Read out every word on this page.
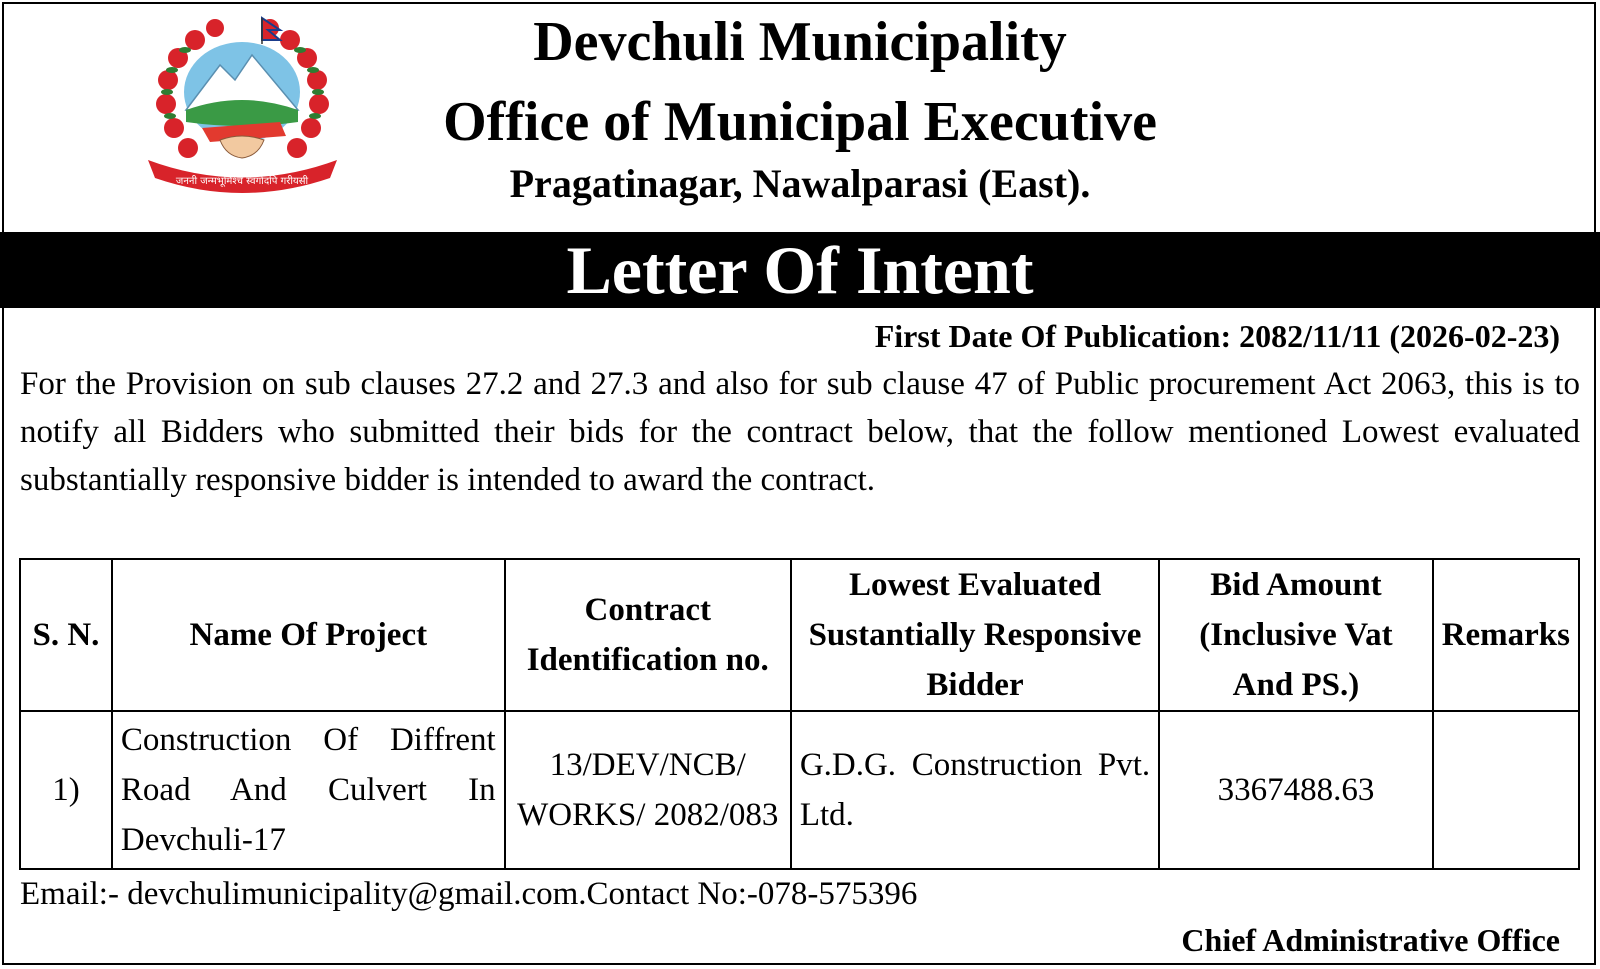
जननी जन्मभूमिश्च स्वर्गादपि गरीयसी
Devchuli Municipality
Office of Municipal Executive
Pragatinagar, Nawalparasi (East).
Letter Of Intent
First Date Of Publication: 2082/11/11 (2026-02-23)

For the Provision on sub clauses 27.2 and 27.3 and also for sub clause 47 of Public procurement Act 2063, this is to notify all Bidders who submitted their bids for the contract below, that the follow mentioned Lowest evaluated substantially responsive bidder is intended to award the contract.

S. N.	Name Of Project	Contract Identification no.	Lowest Evaluated Sustantially Responsive Bidder	Bid Amount (Inclusive Vat And PS.)	Remarks
1)	Construction Of Diffrent Road And Culvert In Devchuli-17	13/DEV/NCB/ WORKS/ 2082/083	G.D.G. Construction Pvt. Ltd.	3367488.63	
Email:- devchulimunicipality@gmail.com.Contact No:-078-575396
Chief Administrative Office
